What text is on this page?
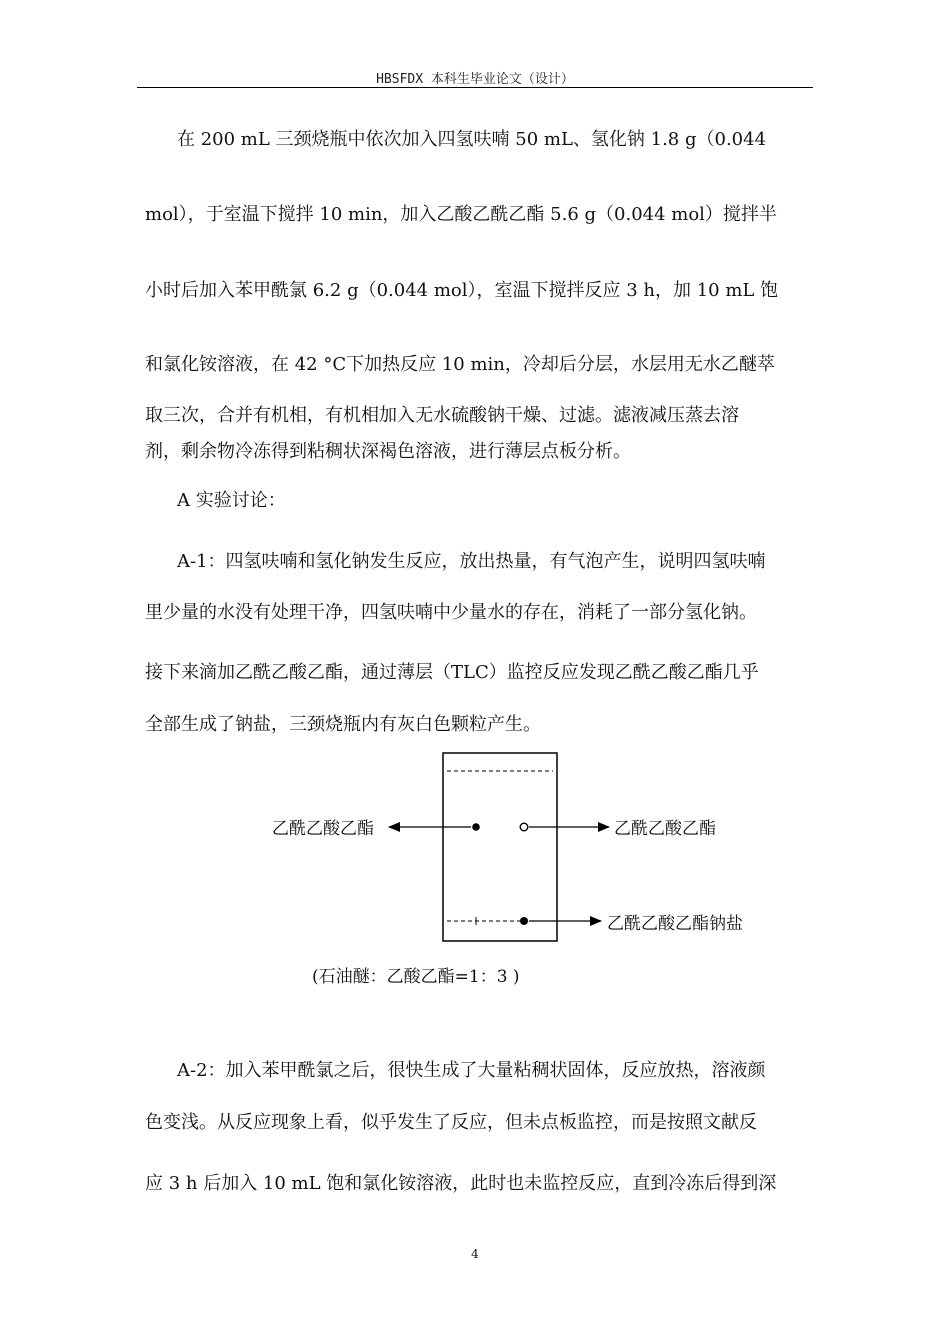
HBSFDX 本科生毕业论文（设计）
在 200 mL 三颈烧瓶中依次加入四氢呋喃 50 mL、氢化钠 1.8 g（0.044
mol），于室温下搅拌 10 min，加入乙酸乙酰乙酯 5.6 g（0.044 mol）搅拌半
小时后加入苯甲酰氯 6.2 g（0.044 mol），室温下搅拌反应 3 h，加 10 mL 饱
和氯化铵溶液，在 42 °C下加热反应 10 min，冷却后分层，水层用无水乙醚萃
取三次，合并有机相，有机相加入无水硫酸钠干燥、过滤。滤液减压蒸去溶
剂，剩余物冷冻得到粘稠状深褐色溶液，进行薄层点板分析。
A 实验讨论：
A-1：四氢呋喃和氢化钠发生反应，放出热量，有气泡产生，说明四氢呋喃
里少量的水没有处理干净，四氢呋喃中少量水的存在，消耗了一部分氢化钠。
接下来滴加乙酰乙酸乙酯，通过薄层（TLC）监控反应发现乙酰乙酸乙酯几乎
全部生成了钠盐，三颈烧瓶内有灰白色颗粒产生。
乙酰乙酸乙酯	乙酰乙酸乙酯
乙酰乙酸乙酯钠盐
(石油醚：乙酸乙酯=1：3 )
A-2：加入苯甲酰氯之后，很快生成了大量粘稠状固体，反应放热，溶液颜
色变浅。从反应现象上看，似乎发生了反应，但未点板监控，而是按照文献反
应 3 h 后加入 10 mL 饱和氯化铵溶液，此时也未监控反应，直到冷冻后得到深
4
